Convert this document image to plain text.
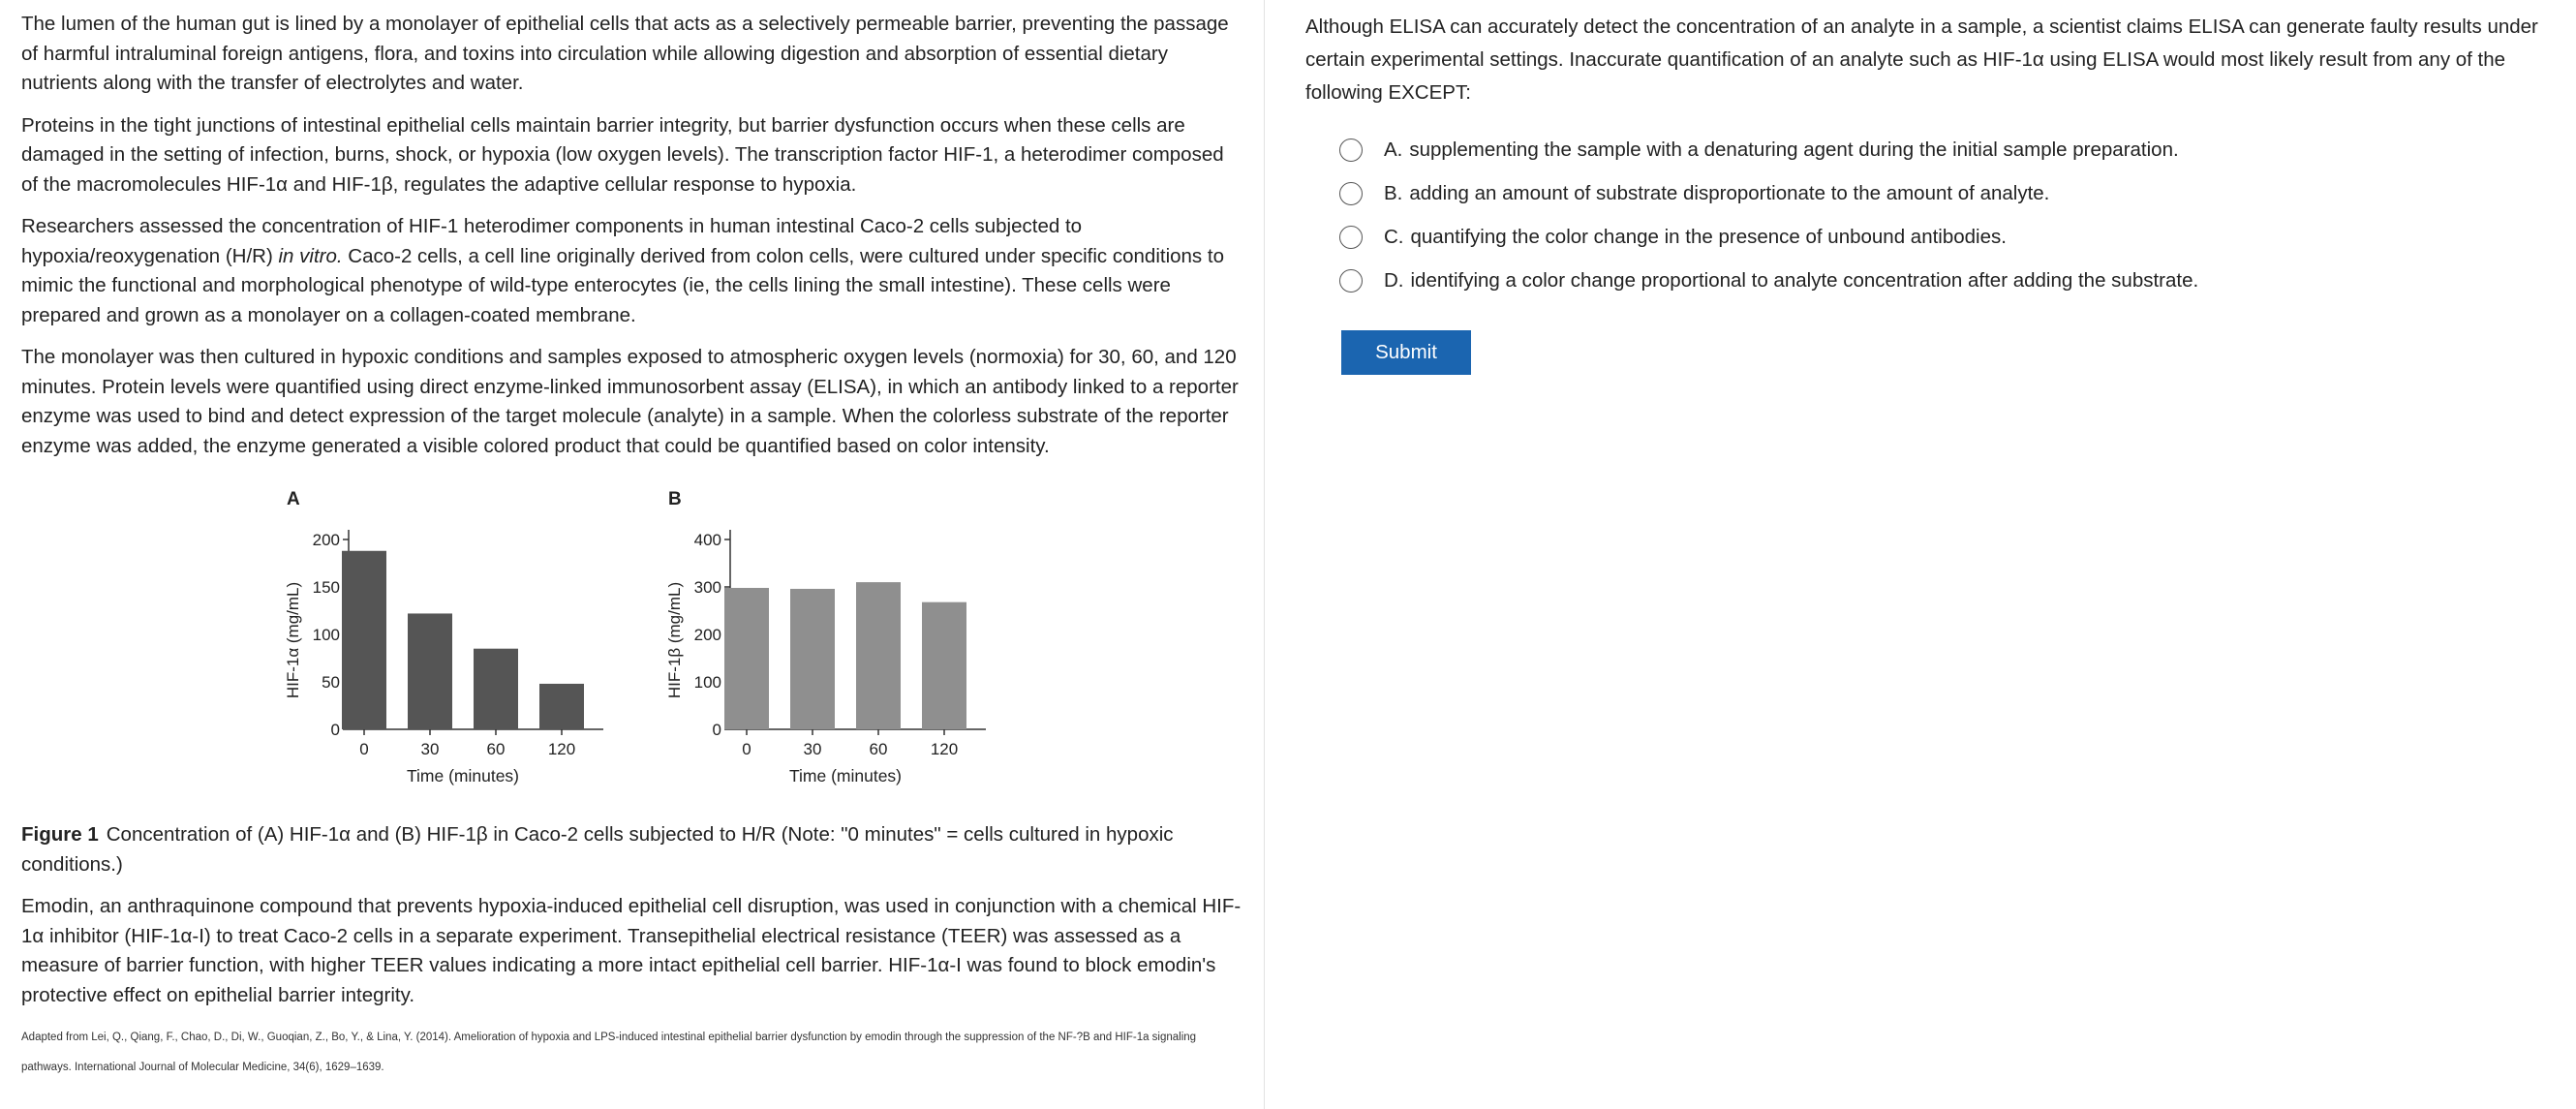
The lumen of the human gut is lined by a monolayer of epithelial cells that acts as a selectively permeable barrier, preventing the passage of harmful intraluminal foreign antigens, flora, and toxins into circulation while allowing digestion and absorption of essential dietary nutrients along with the transfer of electrolytes and water.

Proteins in the tight junctions of intestinal epithelial cells maintain barrier integrity, but barrier dysfunction occurs when these cells are damaged in the setting of infection, burns, shock, or hypoxia (low oxygen levels). The transcription factor HIF-1, a heterodimer composed of the macromolecules HIF-1α and HIF-1β, regulates the adaptive cellular response to hypoxia.

Researchers assessed the concentration of HIF-1 heterodimer components in human intestinal Caco-2 cells subjected to hypoxia/reoxygenation (H/R) in vitro. Caco-2 cells, a cell line originally derived from colon cells, were cultured under specific conditions to mimic the functional and morphological phenotype of wild-type enterocytes (ie, the cells lining the small intestine). These cells were prepared and grown as a monolayer on a collagen-coated membrane.

The monolayer was then cultured in hypoxic conditions and samples exposed to atmospheric oxygen levels (normoxia) for 30, 60, and 120 minutes. Protein levels were quantified using direct enzyme-linked immunosorbent assay (ELISA), in which an antibody linked to a reporter enzyme was used to bind and detect expression of the target molecule (analyte) in a sample. When the colorless substrate of the reporter enzyme was added, the enzyme generated a visible colored product that could be quantified based on color intensity.

A
0
50
100
150
200
0	30	60	120
Time (minutes)
HIF-1α (mg/mL)
B
0
100
200
300
400
0	30	60	120
Time (minutes)
HIF-1β (mg/mL)

Figure 1 Concentration of (A) HIF-1α and (B) HIF-1β in Caco-2 cells subjected to H/R (Note: "0 minutes" = cells cultured in hypoxic conditions.)

Emodin, an anthraquinone compound that prevents hypoxia-induced epithelial cell disruption, was used in conjunction with a chemical HIF-1α inhibitor (HIF-1α-I) to treat Caco-2 cells in a separate experiment. Transepithelial electrical resistance (TEER) was assessed as a measure of barrier function, with higher TEER values indicating a more intact epithelial cell barrier. HIF-1α-I was found to block emodin's protective effect on epithelial barrier integrity.

Adapted from Lei, Q., Qiang, F., Chao, D., Di, W., Guoqian, Z., Bo, Y., & Lina, Y. (2014). Amelioration of hypoxia and LPS-induced intestinal epithelial barrier dysfunction by emodin through the suppression of the NF-?B and HIF-1a signaling pathways. International Journal of Molecular Medicine, 34(6), 1629–1639.

Although ELISA can accurately detect the concentration of an analyte in a sample, a scientist claims ELISA can generate faulty results under certain experimental settings. Inaccurate quantification of an analyte such as HIF-1α using ELISA would most likely result from any of the following EXCEPT:
A. supplementing the sample with a denaturing agent during the initial sample preparation.
B. adding an amount of substrate disproportionate to the amount of analyte.
C. quantifying the color change in the presence of unbound antibodies.
D. identifying a color change proportional to analyte concentration after adding the substrate.
Submit
